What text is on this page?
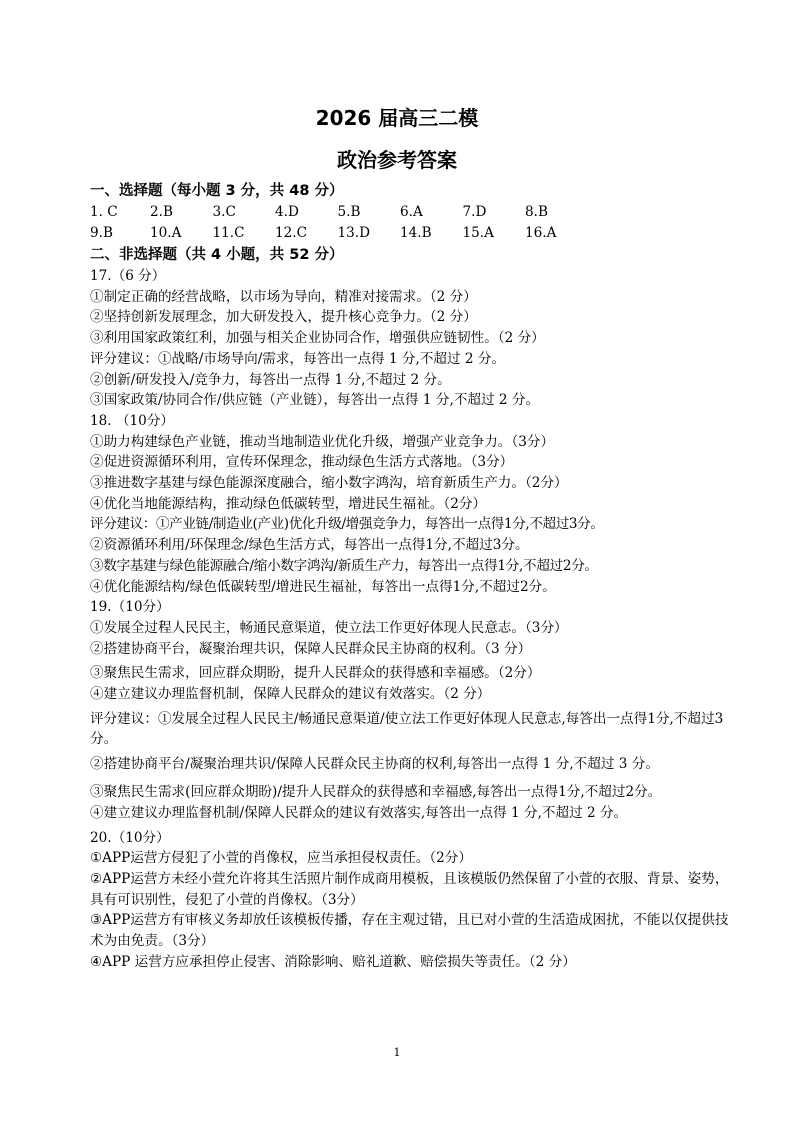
2026 届高三二模
政治参考答案
一、选择题（每小题 3 分，共 48 分）
1. C	2.B	3.C	4.D	5.B	6.A	7.D	8.B
9.B	10.A	11.C	12.C	13.D	14.B	15.A	16.A
二、非选择题（共 4 小题，共 52 分）
17.（6 分）
①制定正确的经营战略，以市场为导向，精准对接需求。（2 分）
②坚持创新发展理念，加大研发投入，提升核心竞争力。（2 分）
③利用国家政策红利，加强与相关企业协同合作，增强供应链韧性。（2 分）
评分建议：①战略/市场导向/需求，每答出一点得 1 分,不超过 2 分。
②创新/研发投入/竞争力，每答出一点得 1 分,不超过 2 分。
③国家政策/协同合作/供应链（产业链），每答出一点得 1 分,不超过 2 分。
18. （10分）
①助力构建绿色产业链，推动当地制造业优化升级，增强产业竞争力。（3分）
②促进资源循环利用，宣传环保理念，推动绿色生活方式落地。（3分）
③推进数字基建与绿色能源深度融合，缩小数字鸿沟，培育新质生产力。（2分）
④优化当地能源结构，推动绿色低碳转型，增进民生福祉。（2分）
评分建议：①产业链/制造业(产业)优化升级/增强竞争力，每答出一点得1分,不超过3分。
②资源循环利用/环保理念/绿色生活方式，每答出一点得1分,不超过3分。
③数字基建与绿色能源融合/缩小数字鸿沟/新质生产力，每答出一点得1分,不超过2分。
④优化能源结构/绿色低碳转型/增进民生福祉，每答出一点得1分,不超过2分。
19.（10分）
①发展全过程人民民主，畅通民意渠道，使立法工作更好体现人民意志。（3分）
②搭建协商平台，凝聚治理共识，保障人民群众民主协商的权利。（3 分）
③聚焦民生需求，回应群众期盼，提升人民群众的获得感和幸福感。（2分）
④建立建议办理监督机制，保障人民群众的建议有效落实。（2 分）
评分建议：①发展全过程人民民主/畅通民意渠道/使立法工作更好体现人民意志,每答出一点得1分,不超过3分。
②搭建协商平台/凝聚治理共识/保障人民群众民主协商的权利,每答出一点得 1 分,不超过 3 分。
③聚焦民生需求(回应群众期盼)/提升人民群众的获得感和幸福感,每答出一点得1分,不超过2分。
④建立建议办理监督机制/保障人民群众的建议有效落实,每答出一点得 1 分,不超过 2 分。
20.（10分）
①APP运营方侵犯了小萱的肖像权，应当承担侵权责任。（2分）
②APP运营方未经小萱允许将其生活照片制作成商用模板，且该模版仍然保留了小萱的衣服、背景、姿势，具有可识别性，侵犯了小萱的肖像权。（3分）
③APP运营方有审核义务却放任该模板传播，存在主观过错，且已对小萱的生活造成困扰，不能以仅提供技术为由免责。（3分）
④APP 运营方应承担停止侵害、消除影响、赔礼道歉、赔偿损失等责任。（2 分）
1
